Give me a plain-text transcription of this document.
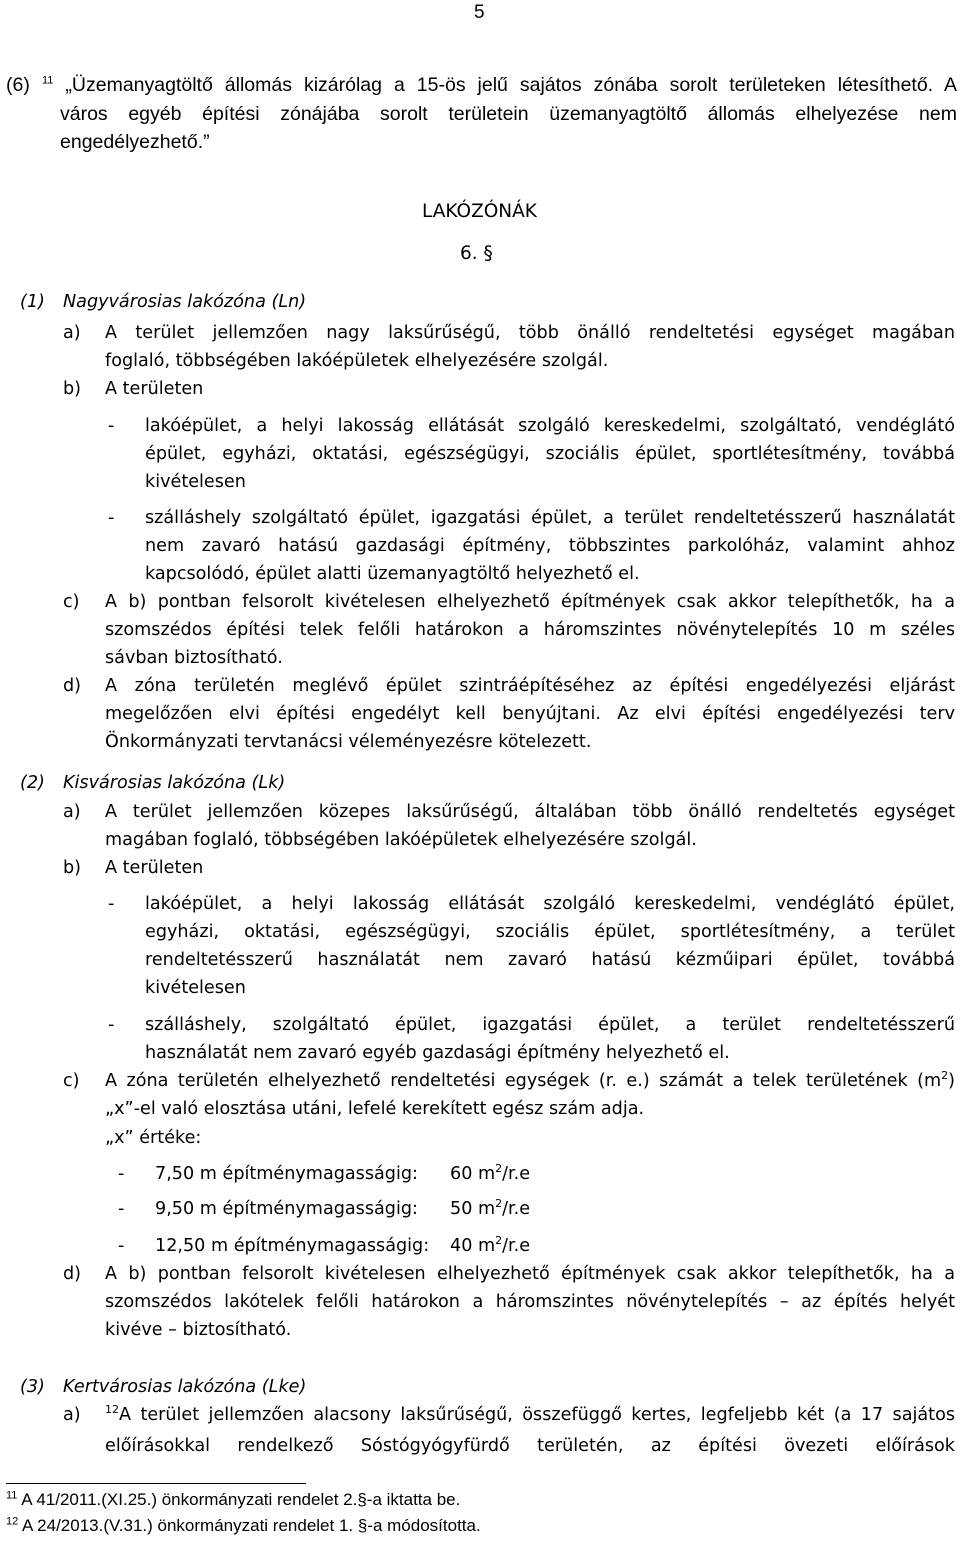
5
(6) $^{11}$ „Üzemanyagtöltő állomás kizárólag a 15-ös jelű sajátos zónába sorolt területeken létesíthető. A
város egyéb építési zónájába sorolt területein üzemanyagtöltő állomás elhelyezése nem
engedélyezhető.”
LAKÓZÓNÁK
6. §
(1) Nagyvárosias lakózóna (Ln)
a) A terület jellemzően nagy laksűrűségű, több önálló rendeltetési egységet magában
foglaló, többségében lakóépületek elhelyezésére szolgál.
b) A területen
- lakóépület, a helyi lakosság ellátását szolgáló kereskedelmi, szolgáltató, vendéglátó
épület, egyházi, oktatási, egészségügyi, szociális épület, sportlétesítmény, továbbá
kivételesen
- szálláshely szolgáltató épület, igazgatási épület, a terület rendeltetésszerű használatát
nem zavaró hatású gazdasági építmény, többszintes parkolóház, valamint ahhoz
kapcsolódó, épület alatti üzemanyagtöltő helyezhető el.
c) A b) pontban felsorolt kivételesen elhelyezhető építmények csak akkor telepíthetők, ha a
szomszédos építési telek felőli határokon a háromszintes növénytelepítés 10 m széles
sávban biztosítható.
d) A zóna területén meglévő épület szintráépítéséhez az építési engedélyezési eljárást
megelőzően elvi építési engedélyt kell benyújtani. Az elvi építési engedélyezési terv
Önkormányzati tervtanácsi véleményezésre kötelezett.
(2) Kisvárosias lakózóna (Lk)
a) A terület jellemzően közepes laksűrűségű, általában több önálló rendeltetés egységet
magában foglaló, többségében lakóépületek elhelyezésére szolgál.
b) A területen
- lakóépület, a helyi lakosság ellátását szolgáló kereskedelmi, vendéglátó épület,
egyházi, oktatási, egészségügyi, szociális épület, sportlétesítmény, a terület
rendeltetésszerű használatát nem zavaró hatású kézműipari épület, továbbá
kivételesen
- szálláshely, szolgáltató épület, igazgatási épület, a terület rendeltetésszerű
használatát nem zavaró egyéb gazdasági építmény helyezhető el.
c) A zóna területén elhelyezhető rendeltetési egységek (r. e.) számát a telek területének $(m^2)$
„x”-el való elosztása utáni, lefelé kerekített egész szám adja.
„x” értéke:
- 7,50 m építménymagasságig: 60 $m^2/r.e$
- 9,50 m építménymagasságig: 50 $m^2/r.e$
- 12,50 m építménymagasságig: 40 $m^2/r.e$
d) A b) pontban felsorolt kivételesen elhelyezhető építmények csak akkor telepíthetők, ha a
szomszédos lakótelek felőli határokon a háromszintes növénytelepítés – az építés helyét
kivéve – biztosítható.
(3) Kertvárosias lakózóna (Lke)
a) $^{12}$A terület jellemzően alacsony laksűrűségű, összefüggő kertes, legfeljebb két (a 17 sajátos
előírásokkal rendelkező Sóstógyógyfürdő területén, az építési övezeti előírások
$^{11}$ A 41/2011.(XI.25.) önkormányzati rendelet 2.§-a iktatta be.
$^{12}$ A 24/2013.(V.31.) önkormányzati rendelet 1. §-a módosította.
